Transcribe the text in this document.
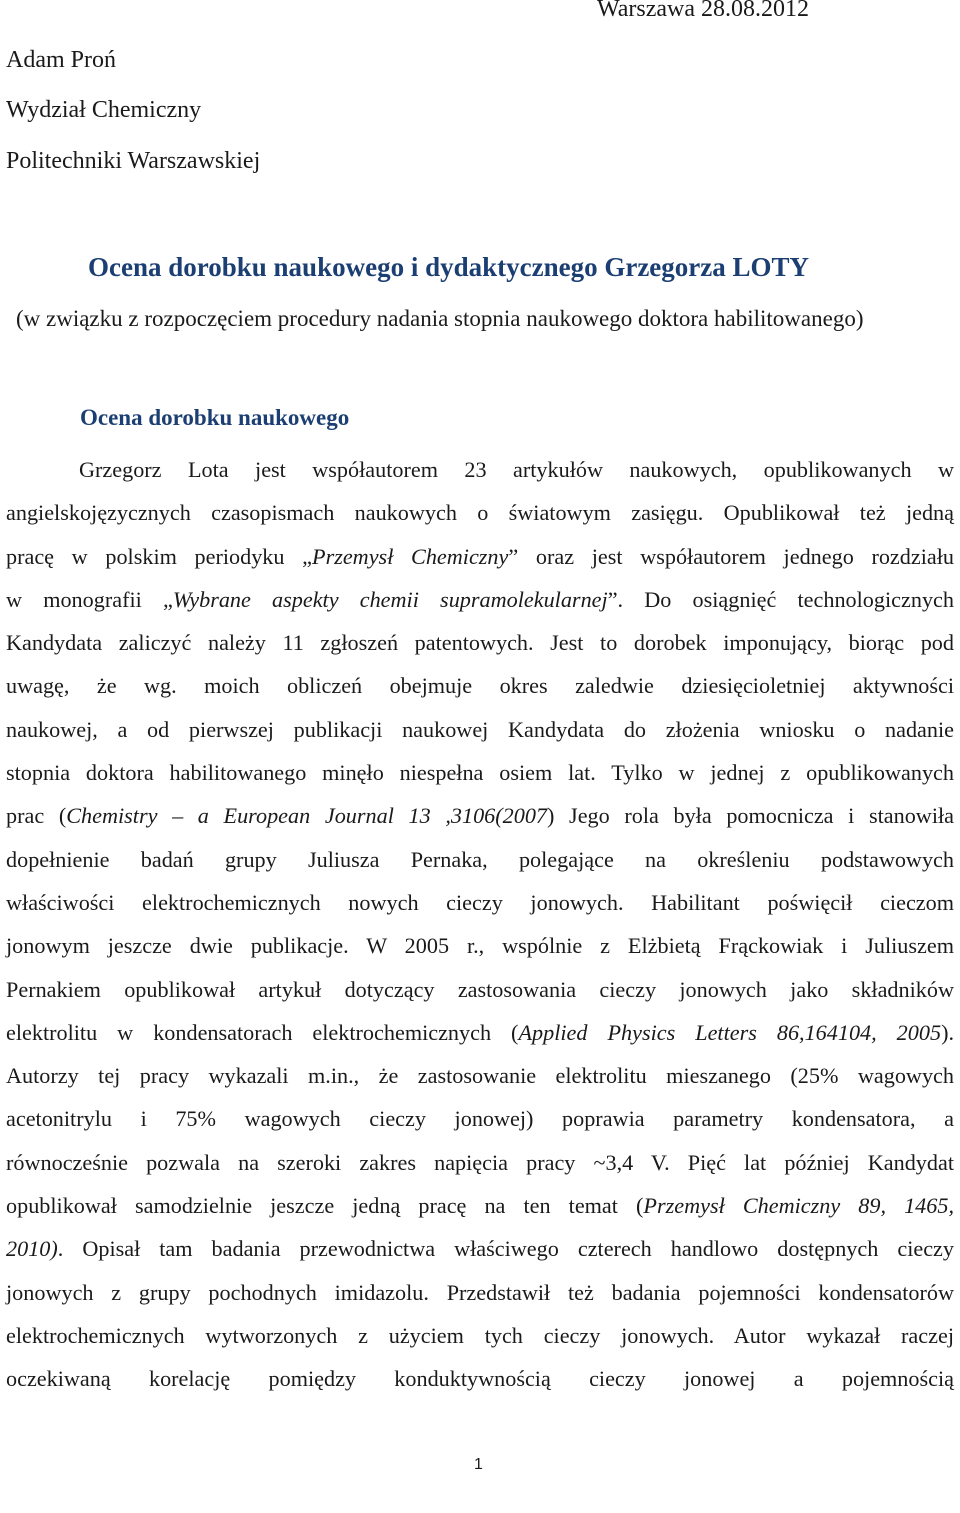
Warszawa 28.08.2012
Adam Proń
Wydział Chemiczny
Politechniki Warszawskiej
Ocena dorobku naukowego i dydaktycznego Grzegorza LOTY
(w związku z rozpoczęciem procedury nadania stopnia naukowego doktora habilitowanego)
Ocena dorobku naukowego
Grzegorz Lota jest współautorem 23 artykułów naukowych, opublikowanych w
angielskojęzycznych czasopismach naukowych o światowym zasięgu. Opublikował też jedną
pracę w polskim periodyku „Przemysł Chemiczny” oraz jest współautorem jednego rozdziału
w monografii „Wybrane aspekty chemii supramolekularnej”. Do osiągnięć technologicznych
Kandydata zaliczyć należy 11 zgłoszeń patentowych. Jest to dorobek imponujący, biorąc pod
uwagę, że wg. moich obliczeń obejmuje okres zaledwie dziesięcioletniej aktywności
naukowej, a od pierwszej publikacji naukowej Kandydata do złożenia wniosku o nadanie
stopnia doktora habilitowanego minęło niespełna osiem lat. Tylko w jednej z opublikowanych
prac (Chemistry – a European Journal 13 ,3106(2007) Jego rola była pomocnicza i stanowiła
dopełnienie badań grupy Juliusza Pernaka, polegające na określeniu podstawowych
właściwości elektrochemicznych nowych cieczy jonowych. Habilitant poświęcił cieczom
jonowym jeszcze dwie publikacje. W 2005 r., wspólnie z Elżbietą Frąckowiak i Juliuszem
Pernakiem opublikował artykuł dotyczący zastosowania cieczy jonowych jako składników
elektrolitu w kondensatorach elektrochemicznych (Applied Physics Letters 86,164104, 2005).
Autorzy tej pracy wykazali m.in., że zastosowanie elektrolitu mieszanego (25% wagowych
acetonitrylu i 75% wagowych cieczy jonowej) poprawia parametry kondensatora, a
równocześnie pozwala na szeroki zakres napięcia pracy ~3,4 V. Pięć lat później Kandydat
opublikował samodzielnie jeszcze jedną pracę na ten temat (Przemysł Chemiczny 89, 1465,
2010). Opisał tam badania przewodnictwa właściwego czterech handlowo dostępnych cieczy
jonowych z grupy pochodnych imidazolu. Przedstawił też badania pojemności kondensatorów
elektrochemicznych wytworzonych z użyciem tych cieczy jonowych. Autor wykazał raczej
oczekiwaną korelację pomiędzy konduktywnością cieczy jonowej a pojemnością
1
